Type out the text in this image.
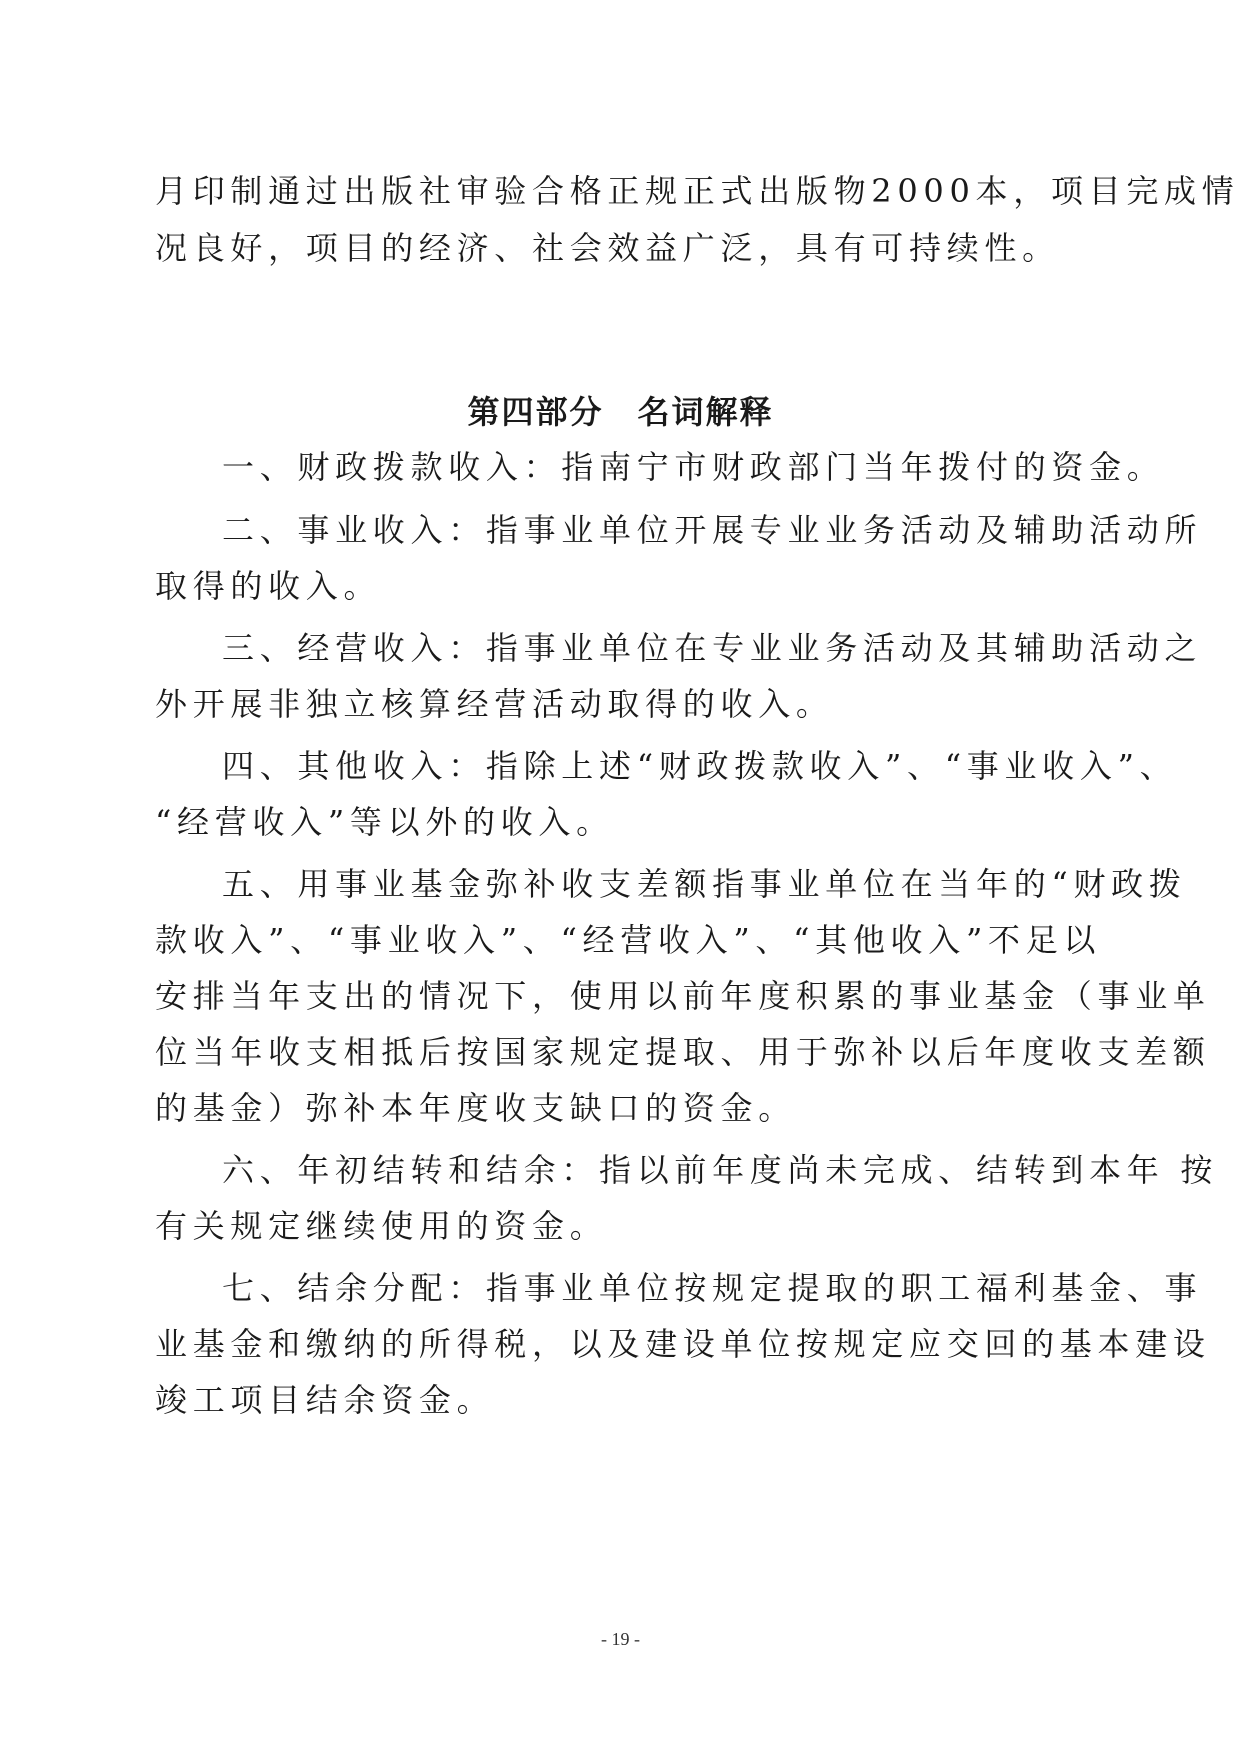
月印制通过出版社审验合格正规正式出版物2000本，项目完成情
况良好，项目的经济、社会效益广泛，具有可持续性。
第四部分 名词解释
一、财政拨款收入：指南宁市财政部门当年拨付的资金。
二、事业收入：指事业单位开展专业业务活动及辅助活动所
取得的收入。
三、经营收入：指事业单位在专业业务活动及其辅助活动之
外开展非独立核算经营活动取得的收入。
四、其他收入：指除上述“财政拨款收入”、“事业收入”、
“经营收入”等以外的收入。
五、用事业基金弥补收支差额指事业单位在当年的“财政拨
款收入”、“事业收入”、“经营收入”、“其他收入”不足以
安排当年支出的情况下，使用以前年度积累的事业基金（事业单
位当年收支相抵后按国家规定提取、用于弥补以后年度收支差额
的基金）弥补本年度收支缺口的资金。
六、年初结转和结余：指以前年度尚未完成、结转到本年 按
有关规定继续使用的资金。
七、结余分配：指事业单位按规定提取的职工福利基金、事
业基金和缴纳的所得税，以及建设单位按规定应交回的基本建设
竣工项目结余资金。
- 19 -
